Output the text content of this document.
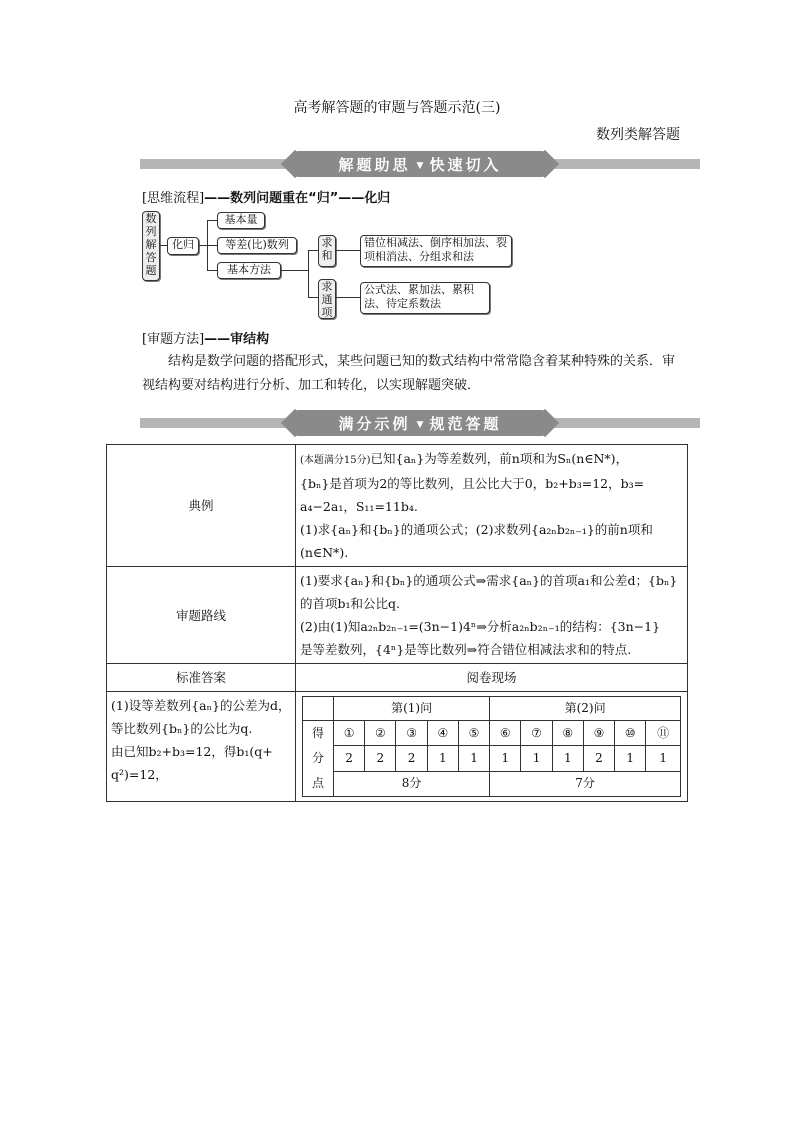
高考解答题的审题与答题示范(三)
数列类解答题
解题助思 ▼ 快速切入
[思维流程]——数列问题重在“归”——化归
数列解答题
化归
基本量
等差(比)数列
基本方法
求和
求通项
错位相减法、倒序相加法、裂项相消法、分组求和法
公式法、累加法、累积法、待定系数法
[审题方法]——审结构
结构是数学问题的搭配形式，某些问题已知的数式结构中常常隐含着某种特殊的关系．审视结构要对结构进行分析、加工和转化，以实现解题突破．
满分示例 ▼ 规范答题
典例	
(本题满分15分)已知{aₙ}为等差数列，前n项和为Sₙ(n∈N*)，
{bₙ}是首项为2的等比数列，且公比大于0，b₂+b₃=12，b₃=
a₄−2a₁，S₁₁=11b₄.
(1)求{aₙ}和{bₙ}的通项公式；(2)求数列{a₂ₙb₂ₙ₋₁}的前n项和
(n∈N*).

审题路线	
(1)要求{aₙ}和{bₙ}的通项公式⇒需求{aₙ}的首项a₁和公差d；{bₙ}
的首项b₁和公比q.
(2)由(1)知a₂ₙb₂ₙ₋₁=(3n−1)4ⁿ⇒分析a₂ₙb₂ₙ₋₁的结构：{3n−1}
是等差数列，{4ⁿ}是等比数列⇒符合错位相减法求和的特点.

标准答案	阅卷现场

(1)设等差数列{aₙ}的公差为d，
等比数列{bₙ}的公比为q.
由已知b₂+b₃=12，得b₁(q+
q²)=12，

	第(1)问	第(2)问

得
分
点
	①	②	③	④	⑤	⑥	⑦	⑧	⑨	⑩	⑪
2	2	2	1	1	1	1	1	2	1	1
8分	7分
